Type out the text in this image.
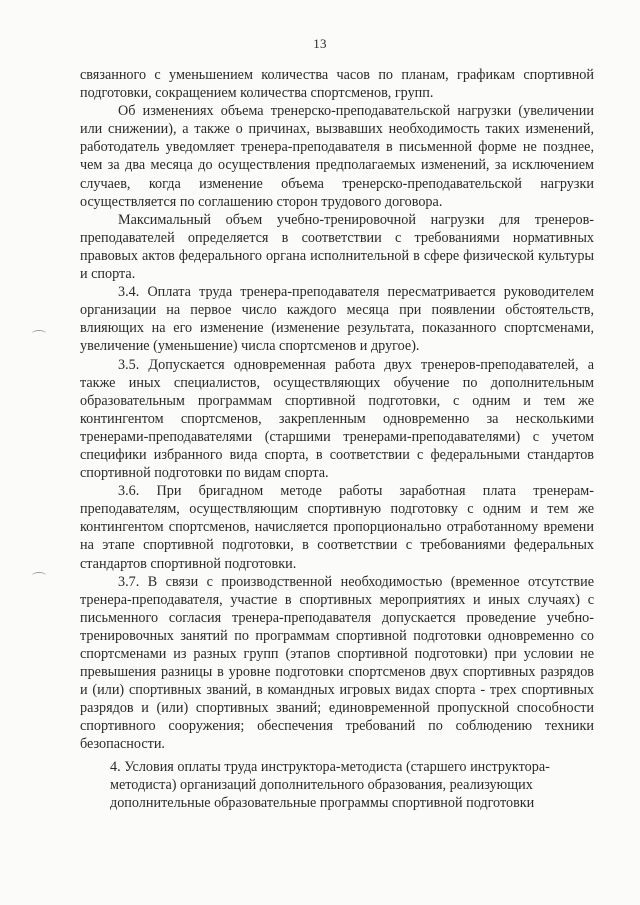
13

связанного с уменьшением количества часов по планам, графикам спортивной подготовки, сокращением количества спортсменов, групп.

Об изменениях объема тренерско-преподавательской нагрузки (увеличении или снижении), а также о причинах, вызвавших необходимость таких изменений, работодатель уведомляет тренера-преподавателя в письменной форме не позднее, чем за два месяца до осуществления предполагаемых изменений, за исключением случаев, когда изменение объема тренерско-преподавательской нагрузки осуществляется по соглашению сторон трудового договора.

Максимальный объем учебно-тренировочной нагрузки для тренеров-преподавателей определяется в соответствии с требованиями нормативных правовых актов федерального органа исполнительной в сфере физической культуры и спорта.

3.4. Оплата труда тренера-преподавателя пересматривается руководителем организации на первое число каждого месяца при появлении обстоятельств, влияющих на его изменение (изменение результата, показанного спортсменами, увеличение (уменьшение) числа спортсменов и другое).

3.5. Допускается одновременная работа двух тренеров-преподавателей, а также иных специалистов, осуществляющих обучение по дополнительным образовательным программам спортивной подготовки, с одним и тем же контингентом спортсменов, закрепленным одновременно за несколькими тренерами-преподавателями (старшими тренерами-преподавателями) с учетом специфики избранного вида спорта, в соответствии с федеральными стандартов спортивной подготовки по видам спорта.

3.6. При бригадном методе работы заработная плата тренерам-преподавателям, осуществляющим спортивную подготовку с одним и тем же контингентом спортсменов, начисляется пропорционально отработанному времени на этапе спортивной подготовки, в соответствии с требованиями федеральных стандартов спортивной подготовки.

3.7. В связи с производственной необходимостью (временное отсутствие тренера-преподавателя, участие в спортивных мероприятиях и иных случаях) с письменного согласия тренера-преподавателя допускается проведение учебно-тренировочных занятий по программам спортивной подготовки одновременно со спортсменами из разных групп (этапов спортивной подготовки) при условии не превышения разницы в уровне подготовки спортсменов двух спортивных разрядов и (или) спортивных званий, в командных игровых видах спорта - трех спортивных разрядов и (или) спортивных званий; единовременной пропускной способности спортивного сооружения; обеспечения требований по соблюдению техники безопасности.

4. Условия оплаты труда инструктора-методиста (старшего инструктора-методиста) организаций дополнительного образования, реализующих дополнительные образовательные программы спортивной подготовки
